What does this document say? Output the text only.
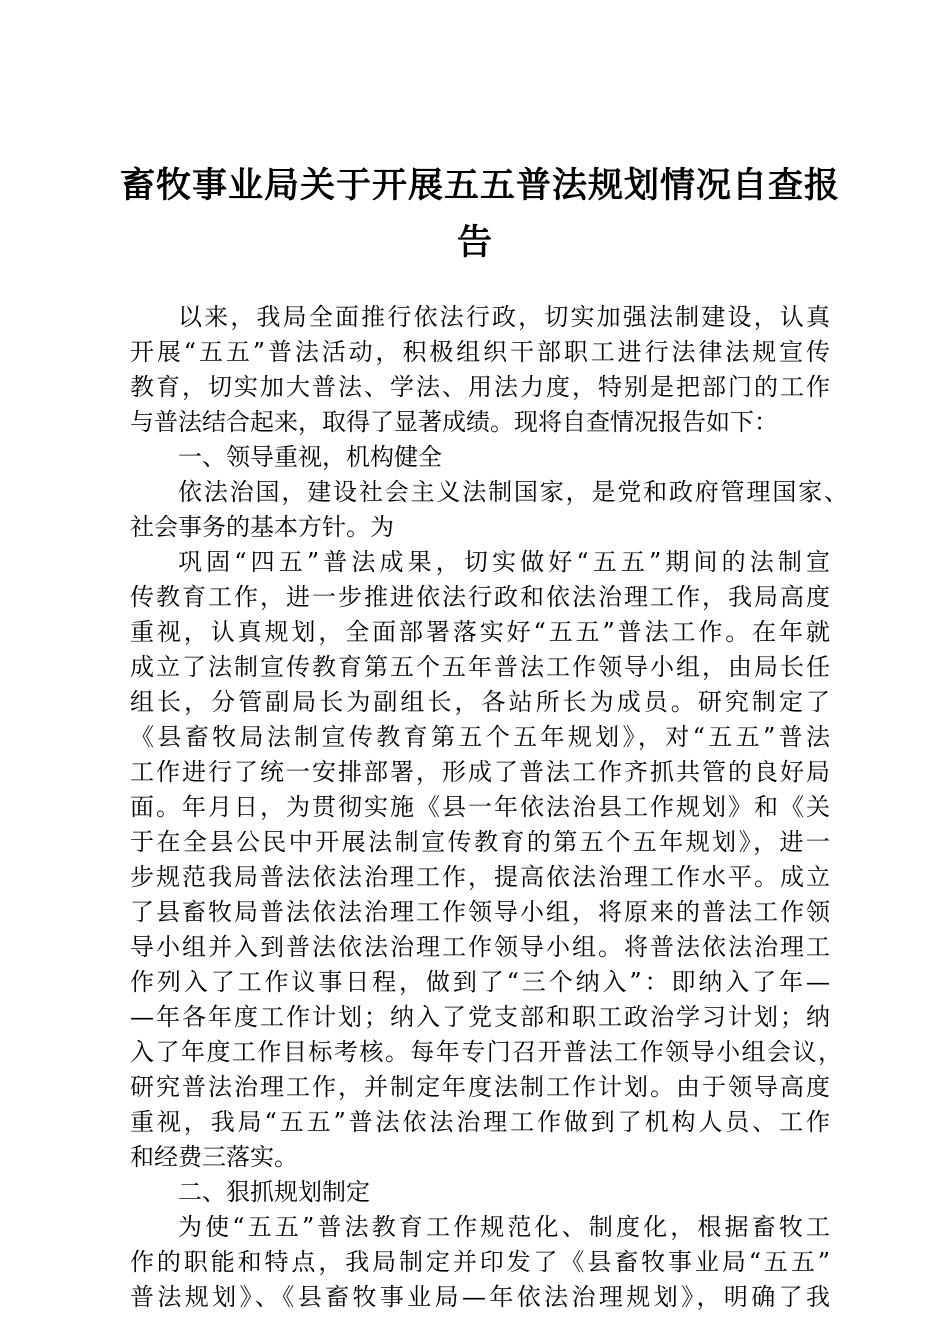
畜牧事业局关于开展五五普法规划情况自查报
告
以来，我局全面推行依法行政，切实加强法制建设，认真
开展“五五”普法活动，积极组织干部职工进行法律法规宣传
教育，切实加大普法、学法、用法力度，特别是把部门的工作
与普法结合起来，取得了显著成绩。现将自查情况报告如下：
一、领导重视，机构健全
依法治国，建设社会主义法制国家，是党和政府管理国家、
社会事务的基本方针。为
巩固“四五”普法成果，切实做好“五五”期间的法制宣
传教育工作，进一步推进依法行政和依法治理工作，我局高度
重视，认真规划，全面部署落实好“五五”普法工作。在年就
成立了法制宣传教育第五个五年普法工作领导小组，由局长任
组长，分管副局长为副组长，各站所长为成员。研究制定了
《县畜牧局法制宣传教育第五个五年规划》，对“五五”普法
工作进行了统一安排部署，形成了普法工作齐抓共管的良好局
面。年月日，为贯彻实施《县一年依法治县工作规划》和《关
于在全县公民中开展法制宣传教育的第五个五年规划》，进一
步规范我局普法依法治理工作，提高依法治理工作水平。成立
了县畜牧局普法依法治理工作领导小组，将原来的普法工作领
导小组并入到普法依法治理工作领导小组。将普法依法治理工
作列入了工作议事日程，做到了“三个纳入”：即纳入了年—
—年各年度工作计划；纳入了党支部和职工政治学习计划；纳
入了年度工作目标考核。每年专门召开普法工作领导小组会议，
研究普法治理工作，并制定年度法制工作计划。由于领导高度
重视，我局“五五”普法依法治理工作做到了机构人员、工作
和经费三落实。
二、狠抓规划制定
为使“五五”普法教育工作规范化、制度化，根据畜牧工
作的职能和特点，我局制定并印发了《县畜牧事业局“五五”
普法规划》、《县畜牧事业局—年依法治理规划》，明确了我
